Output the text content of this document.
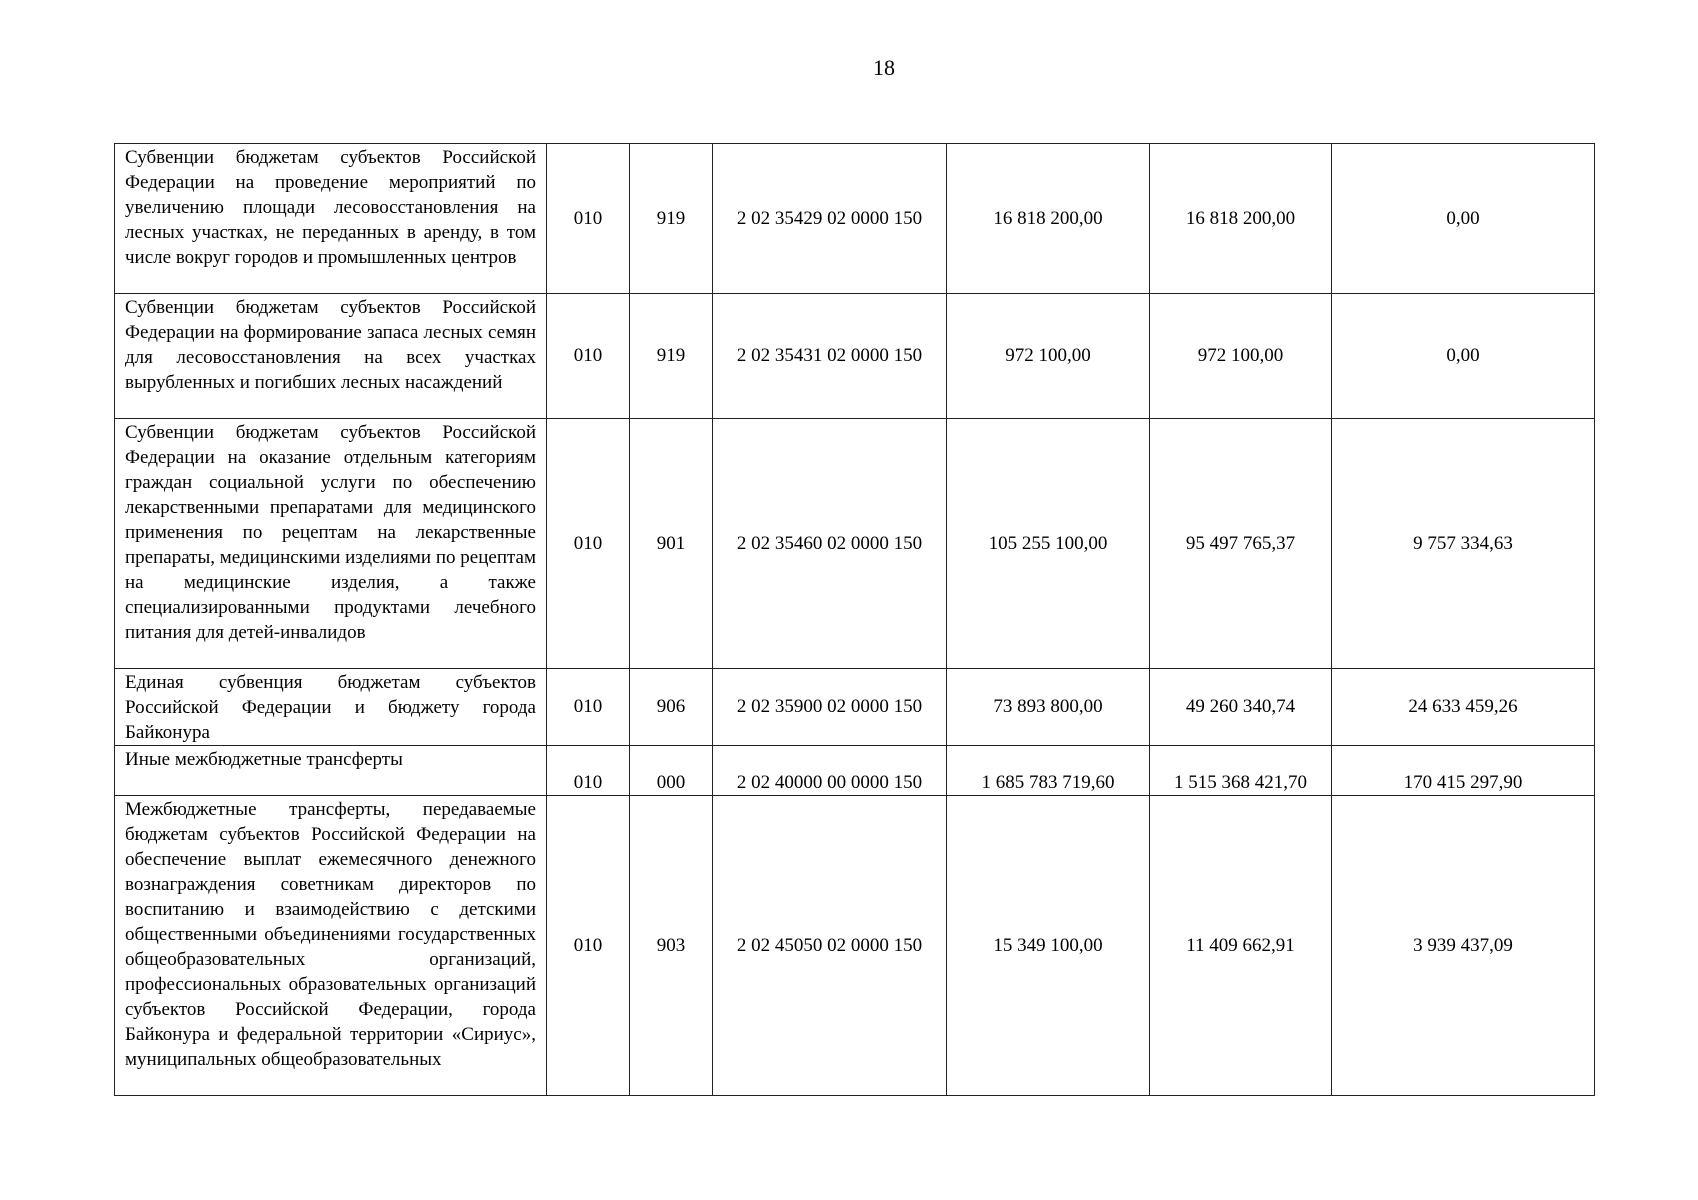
18
Субвенции бюджетам субъектов Российской Федерации на проведение мероприятий по увеличению площади лесовосстановления на лесных участках, не переданных в аренду, в том числе вокруг городов и промышленных центров	010	919	2 02 35429 02 0000 150	16 818 200,00	16 818 200,00	0,00
Субвенции бюджетам субъектов Российской Федерации на формирование запаса лесных семян для лесовосстановления на всех участках вырубленных и погибших лесных насаждений	010	919	2 02 35431 02 0000 150	972 100,00	972 100,00	0,00
Субвенции бюджетам субъектов Российской Федерации на оказание отдельным категориям граждан социальной услуги по обеспечению лекарственными препаратами для медицинского применения по рецептам на лекарственные препараты, медицинскими изделиями по рецептам на медицинские изделия, а также специализированными продуктами лечебного питания для детей-инвалидов	010	901	2 02 35460 02 0000 150	105 255 100,00	95 497 765,37	9 757 334,63
Единая субвенция бюджетам субъектов Российской Федерации и бюджету города Байконура	010	906	2 02 35900 02 0000 150	73 893 800,00	49 260 340,74	24 633 459,26
Иные межбюджетные трансферты	010	000	2 02 40000 00 0000 150	1 685 783 719,60	1 515 368 421,70	170 415 297,90
Межбюджетные трансферты, передаваемые бюджетам субъектов Российской Федерации на обеспечение выплат ежемесячного денежного вознаграждения советникам директоров по воспитанию и взаимодействию с детскими общественными объединениями государственных общеобразовательных организаций, профессиональных образовательных организаций субъектов Российской Федерации, города Байконура и федеральной территории «Сириус», муниципальных общеобразовательных	010	903	2 02 45050 02 0000 150	15 349 100,00	11 409 662,91	3 939 437,09
